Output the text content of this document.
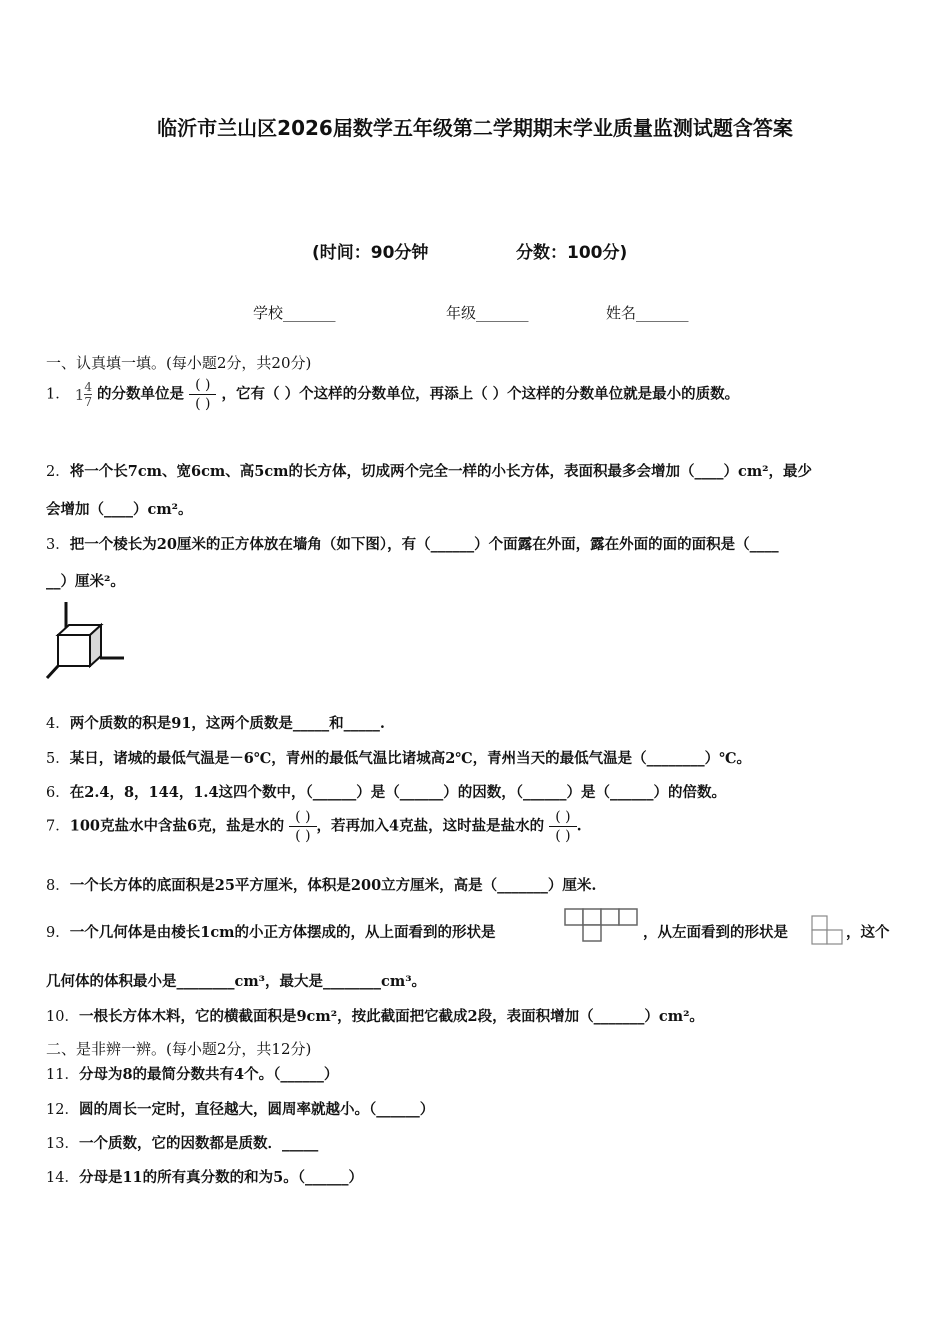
临沂市兰山区2026届数学五年级第二学期期末学业质量监测试题含答案
(时间：90分钟	分数：100分)
学校_______	年级_______	姓名_______
一、认真填一填。(每小题2分，共20分)
1． $1 \frac{4}{7}$ 的分数单位是 $\frac{( )}{( )}$ ，它有（ ）个这样的分数单位，再添上（ ）个这样的分数单位就是最小的质数。
2．将一个长7cm、宽6cm、高5cm的长方体，切成两个完全一样的小长方体，表面积最多会增加（____）cm²，最少
会增加（____）cm²。
3．把一个棱长为20厘米的正方体放在墙角（如下图），有（______）个面露在外面，露在外面的面的面积是（____
__）厘米²。
4．两个质数的积是91，这两个质数是_____和_____.
5．某日，诸城的最低气温是－6℃，青州的最低气温比诸城高2℃，青州当天的最低气温是（________）℃。
6．在2.4，8，144，1.4这四个数中，（______）是（______）的因数，（______）是（______）的倍数。
7．100克盐水中含盐6克，盐是水的 $\frac{( )}{( )}$ ，若再加入4克盐，这时盐是盐水的 $\frac{( )}{( )}$ .
8．一个长方体的底面积是25平方厘米，体积是200立方厘米，高是（_______）厘米.
9．一个几何体是由棱长1cm的小正方体摆成的，从上面看到的形状是	，从左面看到的形状是	，这个
几何体的体积最小是________cm³，最大是________cm³。
10．一根长方体木料，它的横截面积是9cm²，按此截面把它截成2段，表面积增加（_______）cm²。
二、是非辨一辨。(每小题2分，共12分)
11．分母为8的最简分数共有4个。（______）
12．圆的周长一定时，直径越大，圆周率就越小。（______）
13．一个质数，它的因数都是质数．_____
14．分母是11的所有真分数的和为5。（______）
